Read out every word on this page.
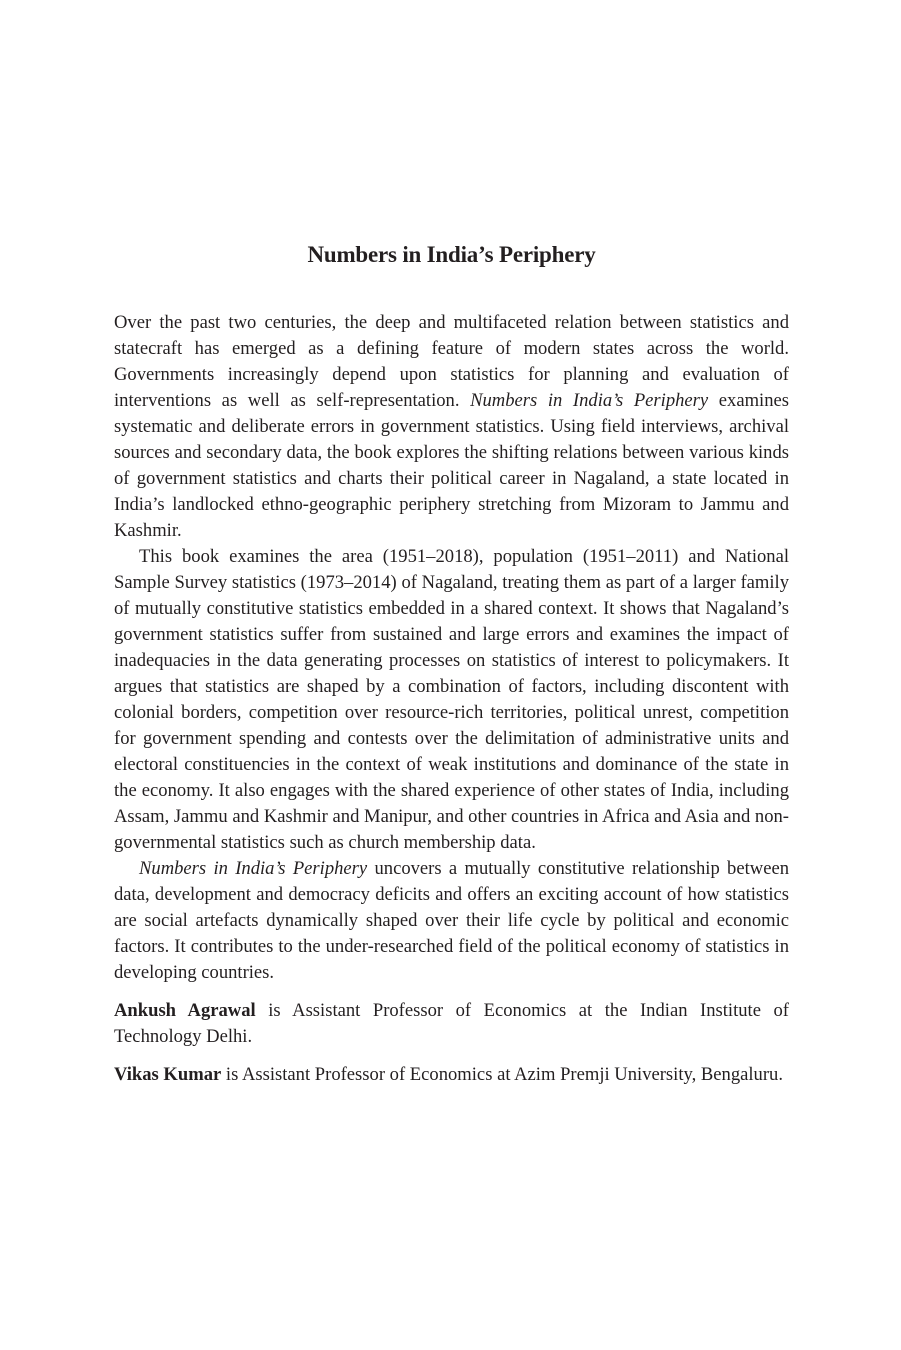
Numbers in India’s Periphery

Over the past two centuries, the deep and multifaceted relation between statistics and statecraft has emerged as a defining feature of modern states across the world. Governments increasingly depend upon statistics for planning and evaluation of interventions as well as self-representation. Numbers in India’s Periphery examines systematic and deliberate errors in government statistics. Using field interviews, archival sources and secondary data, the book explores the shifting relations between various kinds of government statistics and charts their political career in Nagaland, a state located in India’s landlocked ethno-geographic periphery stretching from Mizoram to Jammu and Kashmir.

This book examines the area (1951–2018), population (1951–2011) and National Sample Survey statistics (1973–2014) of Nagaland, treating them as part of a larger family of mutually constitutive statistics embedded in a shared context. It shows that Nagaland’s government statistics suffer from sustained and large errors and examines the impact of inadequacies in the data generating processes on statistics of interest to policymakers. It argues that statistics are shaped by a combination of factors, including discontent with colonial borders, competition over resource-rich territories, political unrest, competition for government spending and contests over the delimitation of administrative units and electoral constituencies in the context of weak institutions and dominance of the state in the economy. It also engages with the shared experience of other states of India, including Assam, Jammu and Kashmir and Manipur, and other countries in Africa and Asia and non-governmental statistics such as church membership data.

Numbers in India’s Periphery uncovers a mutually constitutive relationship between data, development and democracy deficits and offers an exciting account of how statistics are social artefacts dynamically shaped over their life cycle by political and economic factors. It contributes to the under-researched field of the political economy of statistics in developing countries.

Ankush Agrawal is Assistant Professor of Economics at the Indian Institute of Technology Delhi.

Vikas Kumar is Assistant Professor of Economics at Azim Premji University, Bengaluru.
